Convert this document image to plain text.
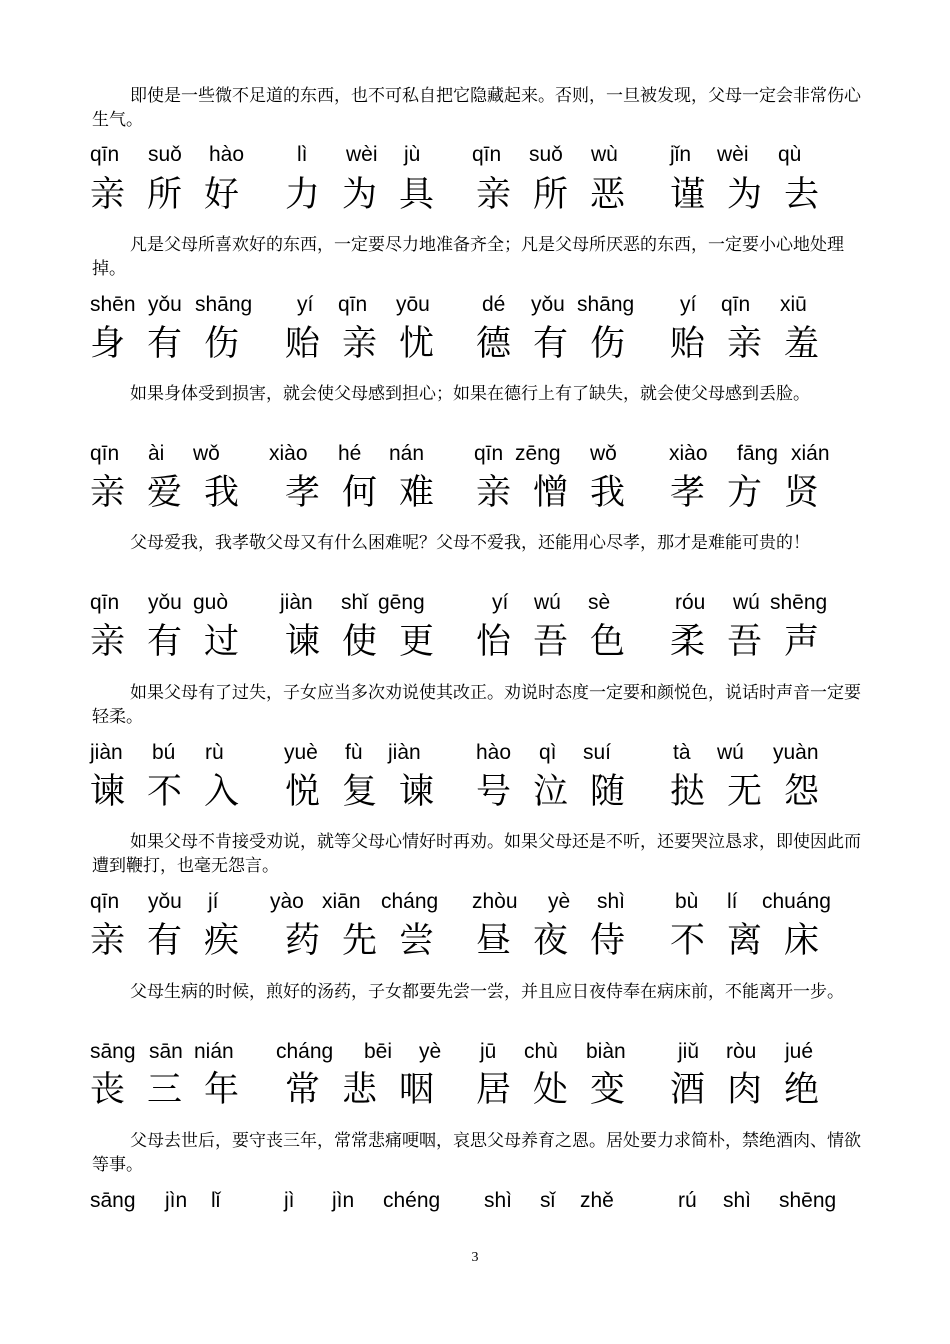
即使是一些微不足道的东西，也不可私自把它隐藏起来。否则，一旦被发现，父母一定会非常伤心生气。

qīn suǒ hào	lì wèi jù qīn suǒ wù jǐn wèi qù
亲所好 力为具 亲所恶 谨为去

凡是父母所喜欢好的东西，一定要尽力地准备齐全；凡是父母所厌恶的东西，一定要小心地处理掉。

shēn yǒu shāng yí qīn yōu dé yǒu shāng yí qīn xiū
身有伤 贻亲忧 德有伤 贻亲羞

如果身体受到损害，就会使父母感到担心；如果在德行上有了缺失，就会使父母感到丢脸。

qīn ài wǒ xiào hé nán qīn zēng wǒ xiào fāng xián
亲爱我 孝何难 亲憎我 孝方贤

父母爱我，我孝敬父母又有什么困难呢？父母不爱我，还能用心尽孝，那才是难能可贵的！

qīn yǒu guò jiàn shǐ gēng	yí wú sè	róu wú shēng
亲有过 谏使更 怡吾色 柔吾声

如果父母有了过失，子女应当多次劝说使其改正。劝说时态度一定要和颜悦色，说话时声音一定要轻柔。

jiàn bú rù	yuè fù jiàn	hào qì suí	tà wú yuàn
谏不入 悦复谏 号泣随 挞无怨

如果父母不肯接受劝说，就等父母心情好时再劝。如果父母还是不听，还要哭泣恳求，即使因此而遭到鞭打，也毫无怨言。

qīn yǒu jí yào xiān cháng zhòu yè shì bù lí chuáng
亲有疾 药先尝 昼夜侍 不离床

父母生病的时候，煎好的汤药，子女都要先尝一尝，并且应日夜侍奉在病床前，不能离开一步。

sāng sān nián cháng bēi yè jū chù biàn jiǔ ròu jué
丧三年 常悲咽 居处变 酒肉绝

父母去世后，要守丧三年，常常悲痛哽咽，哀思父母养育之恩。居处要力求简朴，禁绝酒肉、情欲等事。

sāng jìn lǐ	jì jìn chéng shì sǐ zhě	rú shì shēng
3
